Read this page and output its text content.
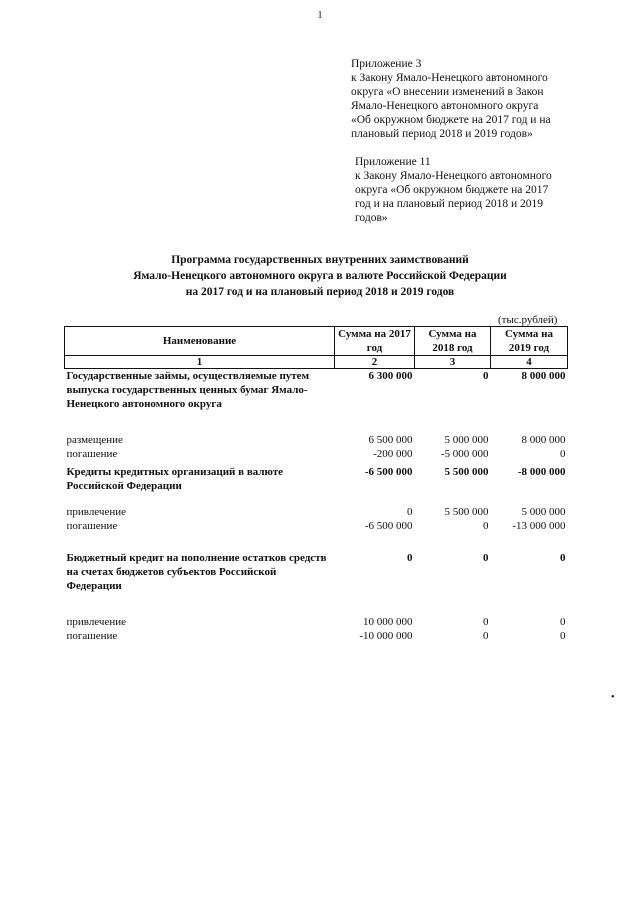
1
Приложение 3
к Закону Ямало-Ненецкого автономного
округа «О внесении изменений в Закон
Ямало-Ненецкого автономного округа
«Об окружном бюджете на 2017 год и на
плановый период 2018 и 2019 годов»
Приложение 11
к Закону Ямало-Ненецкого автономного
округа «Об окружном бюджете на 2017
год и на плановый период 2018 и 2019
годов»
Программа государственных внутренних заимствований
Ямало-Ненецкого автономного округа в валюте Российской Федерации
на 2017 год и на плановый период 2018 и 2019 годов
(тыс.рублей)
Наименование	Сумма на 2017 год	Сумма на 2018 год	Сумма на 2019 год
1	2	3	4
Государственные займы, осуществляемые путем выпуска государственных ценных бумаг Ямало-Ненецкого автономного округа	6 300 000	0	8 000 000

размещение	6 500 000	5 000 000	8 000 000
погашение	-200 000	-5 000 000	0

Кредиты кредитных организаций в валюте Российской Федерации	-6 500 000	5 500 000	-8 000 000

привлечение	0	5 500 000	5 000 000
погашение	-6 500 000	0	-13 000 000

Бюджетный кредит на пополнение остатков средств на счетах бюджетов субъектов Российской Федерации	0	0	0

привлечение	10 000 000	0	0
погашение	-10 000 000	0	0
•
